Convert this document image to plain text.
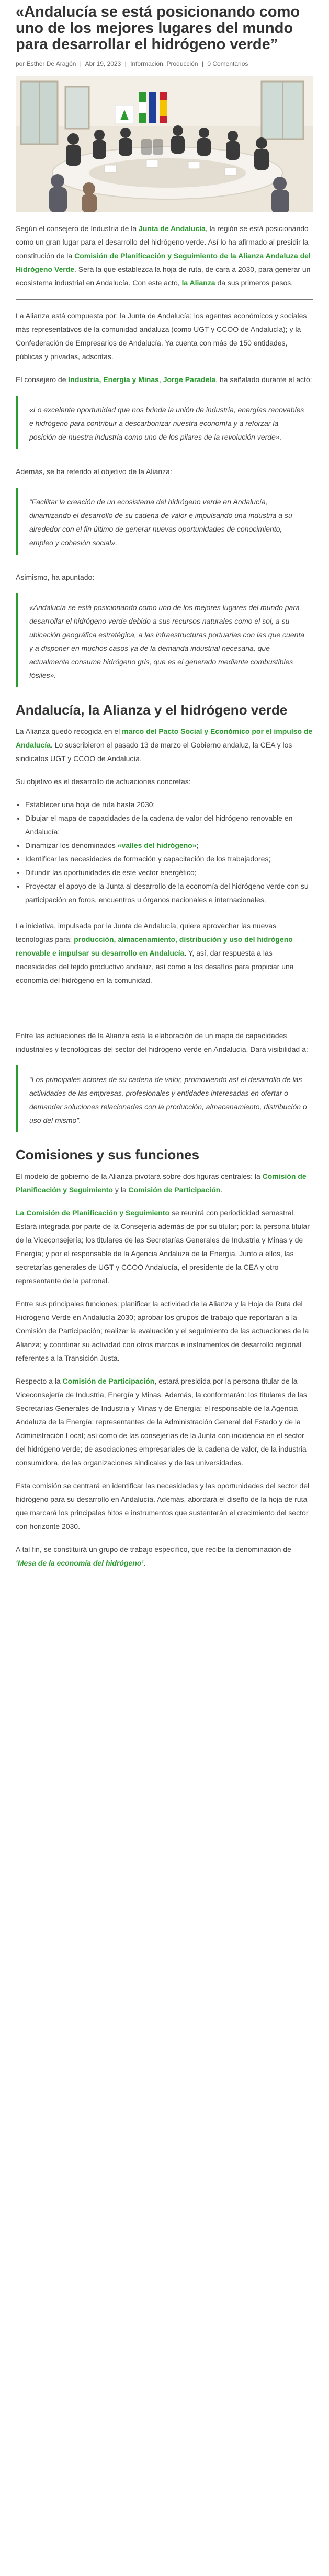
«Andalucía se está posicionando como uno de los mejores lugares del mundo para desarrollar el hidrógeno verde”
por Esther De Aragón | Abr 19, 2023 | Información, Producción | 0 Comentarios

Según el consejero de Industria de la Junta de Andalucía, la región se está posicionando como un gran lugar para el desarrollo del hidrógeno verde. Así lo ha afirmado al presidir la constitución de la Comisión de Planificación y Seguimiento de la Alianza Andaluza del Hidrógeno Verde. Será la que establezca la hoja de ruta, de cara a 2030, para generar un ecosistema industrial en Andalucía. Con este acto, la Alianza da sus primeros pasos.

La Alianza está compuesta por: la Junta de Andalucía; los agentes económicos y sociales más representativos de la comunidad andaluza (como UGT y CCOO de Andalucía); y la Confederación de Empresarios de Andalucía. Ya cuenta con más de 150 entidades, públicas y privadas, adscritas.

El consejero de Industria, Energía y Minas, Jorge Paradela, ha señalado durante el acto:

«Lo excelente oportunidad que nos brinda la unión de industria, energías renovables e hidrógeno para contribuir a descarbonizar nuestra economía y a reforzar la posición de nuestra industria como uno de los pilares de la revolución verde».

Además, se ha referido al objetivo de la Alianza:

“Facilitar la creación de un ecosistema del hidrógeno verde en Andalucía, dinamizando el desarrollo de su cadena de valor e impulsando una industria a su alrededor con el fin último de generar nuevas oportunidades de conocimiento, empleo y cohesión social».

Asimismo, ha apuntado:

«Andalucía se está posicionando como uno de los mejores lugares del mundo para desarrollar el hidrógeno verde debido a sus recursos naturales como el sol, a su ubicación geográfica estratégica, a las infraestructuras portuarias con las que cuenta y a disponer en muchos casos ya de la demanda industrial necesaria, que actualmente consume hidrógeno gris, que es el generado mediante combustibles fósiles».

Andalucía, la Alianza y el hidrógeno verde

La Alianza quedó recogida en el marco del Pacto Social y Económico por el impulso de Andalucía. Lo suscribieron el pasado 13 de marzo el Gobierno andaluz, la CEA y los sindicatos UGT y CCOO de Andalucía.

Su objetivo es el desarrollo de actuaciones concretas:

• Establecer una hoja de ruta hasta 2030;
• Dibujar el mapa de capacidades de la cadena de valor del hidrógeno renovable en Andalucía;
• Dinamizar los denominados «valles del hidrógeno»;
• Identificar las necesidades de formación y capacitación de los trabajadores;
• Difundir las oportunidades de este vector energético;
• Proyectar el apoyo de la Junta al desarrollo de la economía del hidrógeno verde con su participación en foros, encuentros u órganos nacionales e internacionales.

La iniciativa, impulsada por la Junta de Andalucía, quiere aprovechar las nuevas tecnologías para: producción, almacenamiento, distribución y uso del hidrógeno renovable e impulsar su desarrollo en Andalucía. Y, así, dar respuesta a las necesidades del tejido productivo andaluz, así como a los desafíos para propiciar una economía del hidrógeno en la comunidad.

Entre las actuaciones de la Alianza está la elaboración de un mapa de capacidades industriales y tecnológicas del sector del hidrógeno verde en Andalucía. Dará visibilidad a:

“Los principales actores de su cadena de valor, promoviendo así el desarrollo de las actividades de las empresas, profesionales y entidades interesadas en ofertar o demandar soluciones relacionadas con la producción, almacenamiento, distribución o uso del mismo”.

Comisiones y sus funciones

El modelo de gobierno de la Alianza pivotará sobre dos figuras centrales: la Comisión de Planificación y Seguimiento y la Comisión de Participación.

La Comisión de Planificación y Seguimiento se reunirá con periodicidad semestral. Estará integrada por parte de la Consejería además de por su titular; por: la persona titular de la Viceconsejería; los titulares de las Secretarías Generales de Industria y Minas y de Energía; y por el responsable de la Agencia Andaluza de la Energía. Junto a ellos, las secretarías generales de UGT y CCOO Andalucía, el presidente de la CEA y otro representante de la patronal.

Entre sus principales funciones: planificar la actividad de la Alianza y la Hoja de Ruta del Hidrógeno Verde en Andalucía 2030; aprobar los grupos de trabajo que reportarán a la Comisión de Participación; realizar la evaluación y el seguimiento de las actuaciones de la Alianza; y coordinar su actividad con otros marcos e instrumentos de desarrollo regional referentes a la Transición Justa.

Respecto a la Comisión de Participación, estará presidida por la persona titular de la Viceconsejería de Industria, Energía y Minas. Además, la conformarán: los titulares de las Secretarías Generales de Industria y Minas y de Energía; el responsable de la Agencia Andaluza de la Energía; representantes de la Administración General del Estado y de la Administración Local; así como de las consejerías de la Junta con incidencia en el sector del hidrógeno verde; de asociaciones empresariales de la cadena de valor, de la industria consumidora, de las organizaciones sindicales y de las universidades.

Esta comisión se centrará en identificar las necesidades y las oportunidades del sector del hidrógeno para su desarrollo en Andalucía. Además, abordará el diseño de la hoja de ruta que marcará los principales hitos e instrumentos que sustentarán el crecimiento del sector con horizonte 2030.

A tal fin, se constituirá un grupo de trabajo específico, que recibe la denominación de ‘Mesa de la economía del hidrógeno’.
